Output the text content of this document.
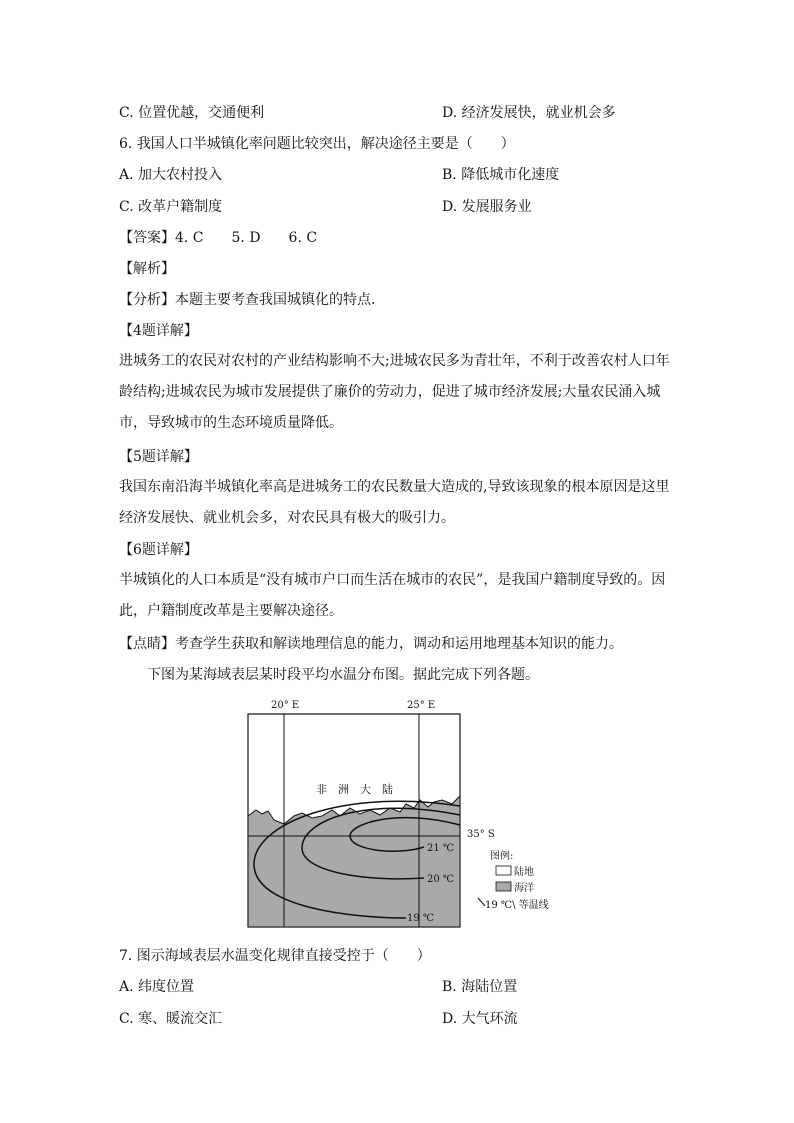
C. 位置优越，交通便利	D. 经济发展快，就业机会多
6. 我国人口半城镇化率问题比较突出，解决途径主要是（　　）
A. 加大农村投入	B. 降低城市化速度
C. 改革户籍制度	D. 发展服务业
【答案】4. C　　5. D　　6. C
【解析】
【分析】本题主要考查我国城镇化的特点.
【4题详解】
进城务工的农民对农村的产业结构影响不大;进城农民多为青壮年，不利于改善农村人口年龄结构;进城农民为城市发展提供了廉价的劳动力，促进了城市经济发展;大量农民涌入城市，导致城市的生态环境质量降低。
【5题详解】
我国东南沿海半城镇化率高是进城务工的农民数量大造成的,导致该现象的根本原因是这里经济发展快、就业机会多，对农民具有极大的吸引力。
【6题详解】
半城镇化的人口本质是“没有城市户口而生活在城市的农民”，是我国户籍制度导致的。因此，户籍制度改革是主要解决途径。
【点睛】考查学生获取和解读地理信息的能力，调动和运用地理基本知识的能力。
下图为某海域表层某时段平均水温分布图。据此完成下列各题。
20° E	25° E
非　洲　大　陆
35° S
21 ℃
20 ℃
19 ℃
图例:
陆地
海洋
19 ℃\ 等温线
7. 图示海域表层水温变化规律直接受控于（　　）
A. 纬度位置	B. 海陆位置
C. 寒、暖流交汇	D. 大气环流
